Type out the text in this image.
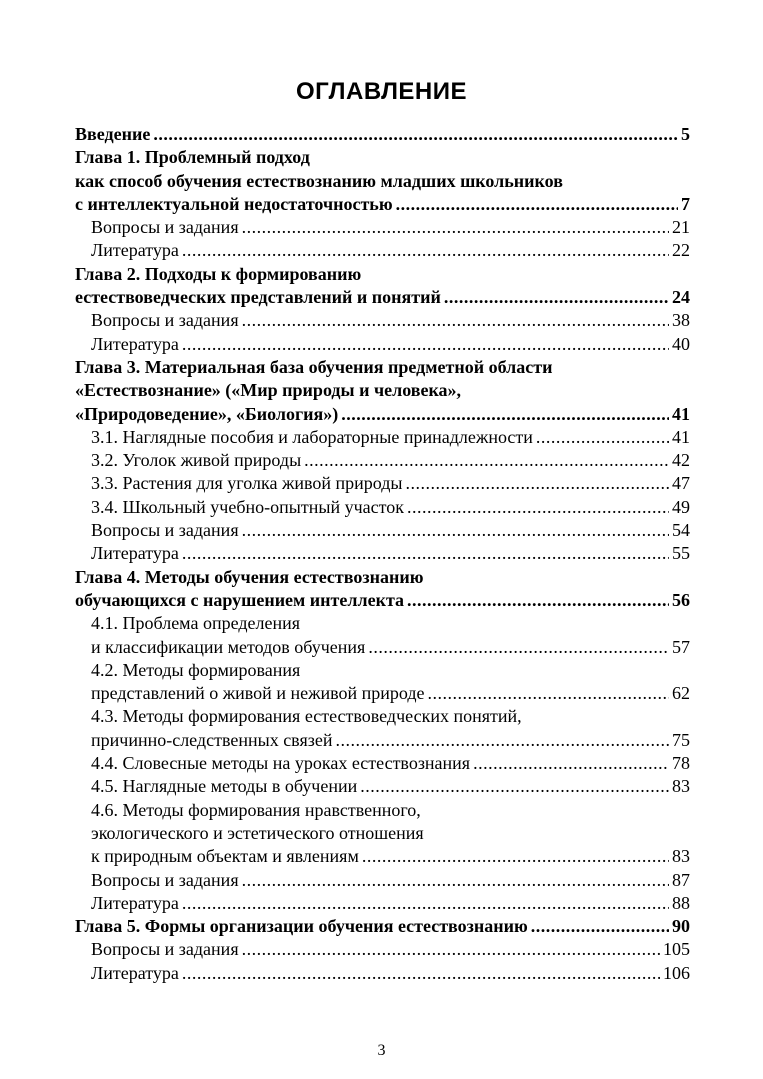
ОГЛАВЛЕНИЕ
Введение .....	5
Глава 1. Проблемный подход
как способ обучения естествознанию младших школьников
с интеллектуальной недостаточностью .....	7
Вопросы и задания .....	21
Литература .....	22
Глава 2. Подходы к формированию
естествоведческих представлений и понятий .....	24
Вопросы и задания .....	38
Литература .....	40
Глава 3. Материальная база обучения предметной области
«Естествознание» («Мир природы и человека»,
«Природоведение», «Биология») .....	41
3.1. Наглядные пособия и лабораторные принадлежности .....	41
3.2. Уголок живой природы .....	42
3.3. Растения для уголка живой природы .....	47
3.4. Школьный учебно-опытный участок .....	49
Вопросы и задания .....	54
Литература .....	55
Глава 4. Методы обучения естествознанию
обучающихся с нарушением интеллекта .....	56
4.1. Проблема определения
и классификации методов обучения .....	57
4.2. Методы формирования
представлений о живой и неживой природе .....	62
4.3. Методы формирования естествоведческих понятий,
причинно-следственных связей .....	75
4.4. Словесные методы на уроках естествознания .....	78
4.5. Наглядные методы в обучении .....	83
4.6. Методы формирования нравственного,
экологического и эстетического отношения
к природным объектам и явлениям .....	83
Вопросы и задания .....	87
Литература .....	88
Глава 5. Формы организации обучения естествознанию .....	90
Вопросы и задания .....	105
Литература .....	106
3
